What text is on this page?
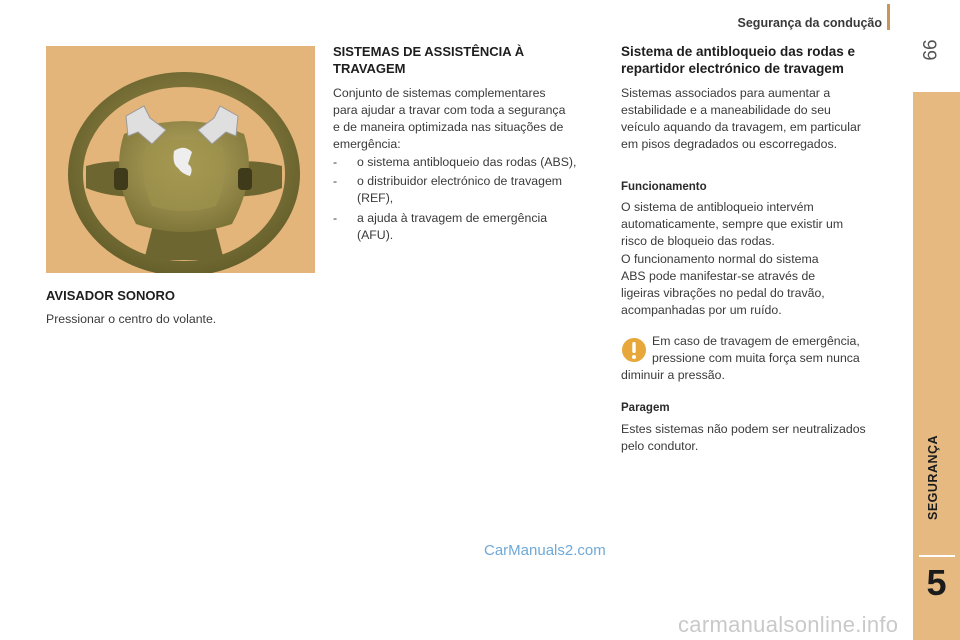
Segurança da condução
99
SEGURANÇA
5
AVISADOR SONORO
Pressionar o centro do volante.
SISTEMAS DE ASSISTÊNCIA À
TRAVAGEM
Conjunto de sistemas complementares
para ajudar a travar com toda a segurança
e de maneira optimizada nas situações de
emergência:
- o sistema antibloqueio das rodas (ABS),
- o distribuidor electrónico de travagem
(REF),
- a ajuda à travagem de emergência
(AFU).
Sistema de antibloqueio das rodas e
repartidor electrónico de travagem
Sistemas associados para aumentar a
estabilidade e a maneabilidade do seu
veículo aquando da travagem, em particular
em pisos degradados ou escorregados.
Funcionamento
O sistema de antibloqueio intervém
automaticamente, sempre que existir um
risco de bloqueio das rodas.
O funcionamento normal do sistema
ABS pode manifestar-se através de
ligeiras vibrações no pedal do travão,
acompanhadas por um ruído.
Em caso de travagem de emergência,
pressione com muita força sem nunca
diminuir a pressão.
Paragem
Estes sistemas não podem ser neutralizados
pelo condutor.
CarManuals2.com
carmanualsonline.info
